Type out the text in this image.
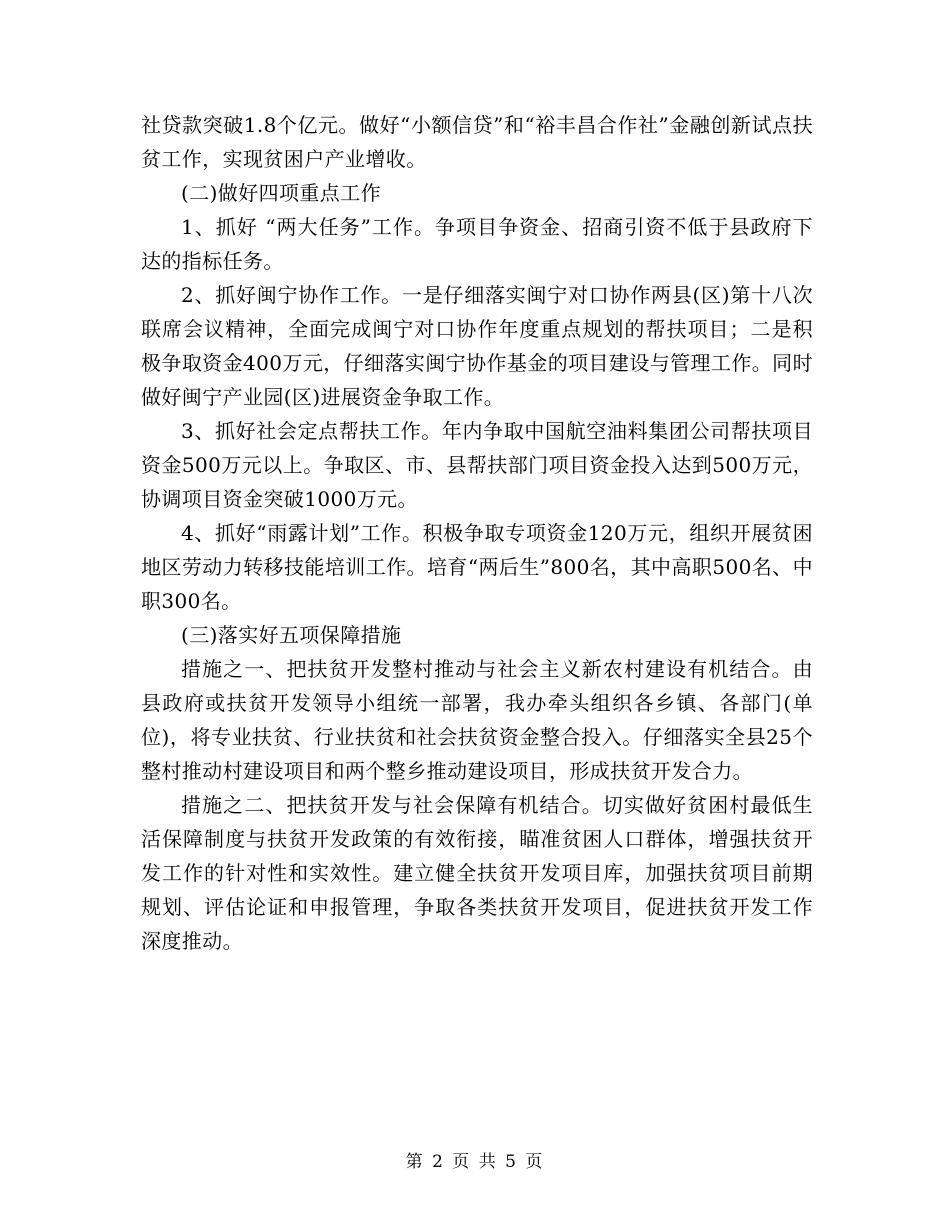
社贷款突破1.8个亿元。做好“小额信贷”和“裕丰昌合作社”金融创新试点扶贫工作，实现贫困户产业增收。

(二)做好四项重点工作

1、抓好 “两大任务”工作。争项目争资金、招商引资不低于县政府下达的指标任务。

2、抓好闽宁协作工作。一是仔细落实闽宁对口协作两县(区)第十八次联席会议精神，全面完成闽宁对口协作年度重点规划的帮扶项目；二是积极争取资金400万元，仔细落实闽宁协作基金的项目建设与管理工作。同时做好闽宁产业园(区)进展资金争取工作。

3、抓好社会定点帮扶工作。年内争取中国航空油料集团公司帮扶项目资金500万元以上。争取区、市、县帮扶部门项目资金投入达到500万元，协调项目资金突破1000万元。

4、抓好“雨露计划”工作。积极争取专项资金120万元，组织开展贫困地区劳动力转移技能培训工作。培育“两后生”800名，其中高职500名、中职300名。

(三)落实好五项保障措施

措施之一、把扶贫开发整村推动与社会主义新农村建设有机结合。由县政府或扶贫开发领导小组统一部署，我办牵头组织各乡镇、各部门(单位)，将专业扶贫、行业扶贫和社会扶贫资金整合投入。仔细落实全县25个整村推动村建设项目和两个整乡推动建设项目，形成扶贫开发合力。

措施之二、把扶贫开发与社会保障有机结合。切实做好贫困村最低生活保障制度与扶贫开发政策的有效衔接，瞄准贫困人口群体，增强扶贫开发工作的针对性和实效性。建立健全扶贫开发项目库，加强扶贫项目前期规划、评估论证和申报管理，争取各类扶贫开发项目，促进扶贫开发工作深度推动。

第 2 页 共 5 页
